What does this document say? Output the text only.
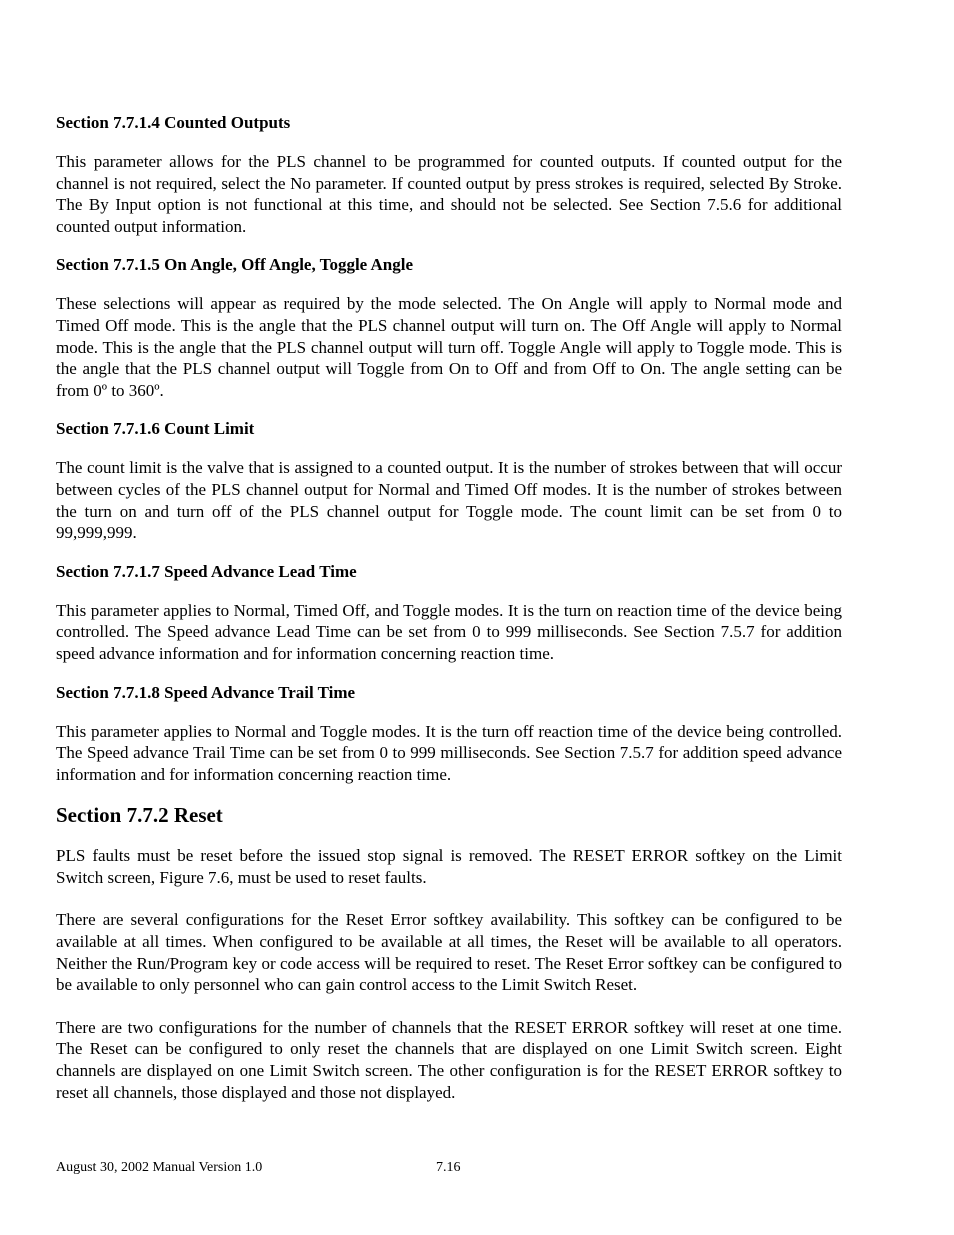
Section 7.7.1.4 Counted Outputs

This parameter allows for the PLS channel to be programmed for counted outputs. If counted output for the channel is not required, select the No parameter. If counted output by press strokes is required, selected By Stroke. The By Input option is not functional at this time, and should not be selected. See Section 7.5.6 for additional counted output information.

Section 7.7.1.5 On Angle, Off Angle, Toggle Angle

These selections will appear as required by the mode selected. The On Angle will apply to Normal mode and Timed Off mode. This is the angle that the PLS channel output will turn on. The Off Angle will apply to Normal mode. This is the angle that the PLS channel output will turn off. Toggle Angle will apply to Toggle mode. This is the angle that the PLS channel output will Toggle from On to Off and from Off to On. The angle setting can be from 0º to 360º.

Section 7.7.1.6 Count Limit

The count limit is the valve that is assigned to a counted output. It is the number of strokes between that will occur between cycles of the PLS channel output for Normal and Timed Off modes. It is the number of strokes between the turn on and turn off of the PLS channel output for Toggle mode. The count limit can be set from 0 to 99,999,999.

Section 7.7.1.7 Speed Advance Lead Time

This parameter applies to Normal, Timed Off, and Toggle modes. It is the turn on reaction time of the device being controlled. The Speed advance Lead Time can be set from 0 to 999 milliseconds. See Section 7.5.7 for addition speed advance information and for information concerning reaction time.

Section 7.7.1.8 Speed Advance Trail Time

This parameter applies to Normal and Toggle modes. It is the turn off reaction time of the device being controlled. The Speed advance Trail Time can be set from 0 to 999 milliseconds. See Section 7.5.7 for addition speed advance information and for information concerning reaction time.

Section 7.7.2 Reset

PLS faults must be reset before the issued stop signal is removed. The RESET ERROR softkey on the Limit Switch screen, Figure 7.6, must be used to reset faults.

There are several configurations for the Reset Error softkey availability. This softkey can be configured to be available at all times. When configured to be available at all times, the Reset will be available to all operators. Neither the Run/Program key or code access will be required to reset. The Reset Error softkey can be configured to be available to only personnel who can gain control access to the Limit Switch Reset.

There are two configurations for the number of channels that the RESET ERROR softkey will reset at one time. The Reset can be configured to only reset the channels that are displayed on one Limit Switch screen. Eight channels are displayed on one Limit Switch screen. The other configuration is for the RESET ERROR softkey to reset all channels, those displayed and those not displayed.

August 30, 2002 Manual Version 1.0	7.16
